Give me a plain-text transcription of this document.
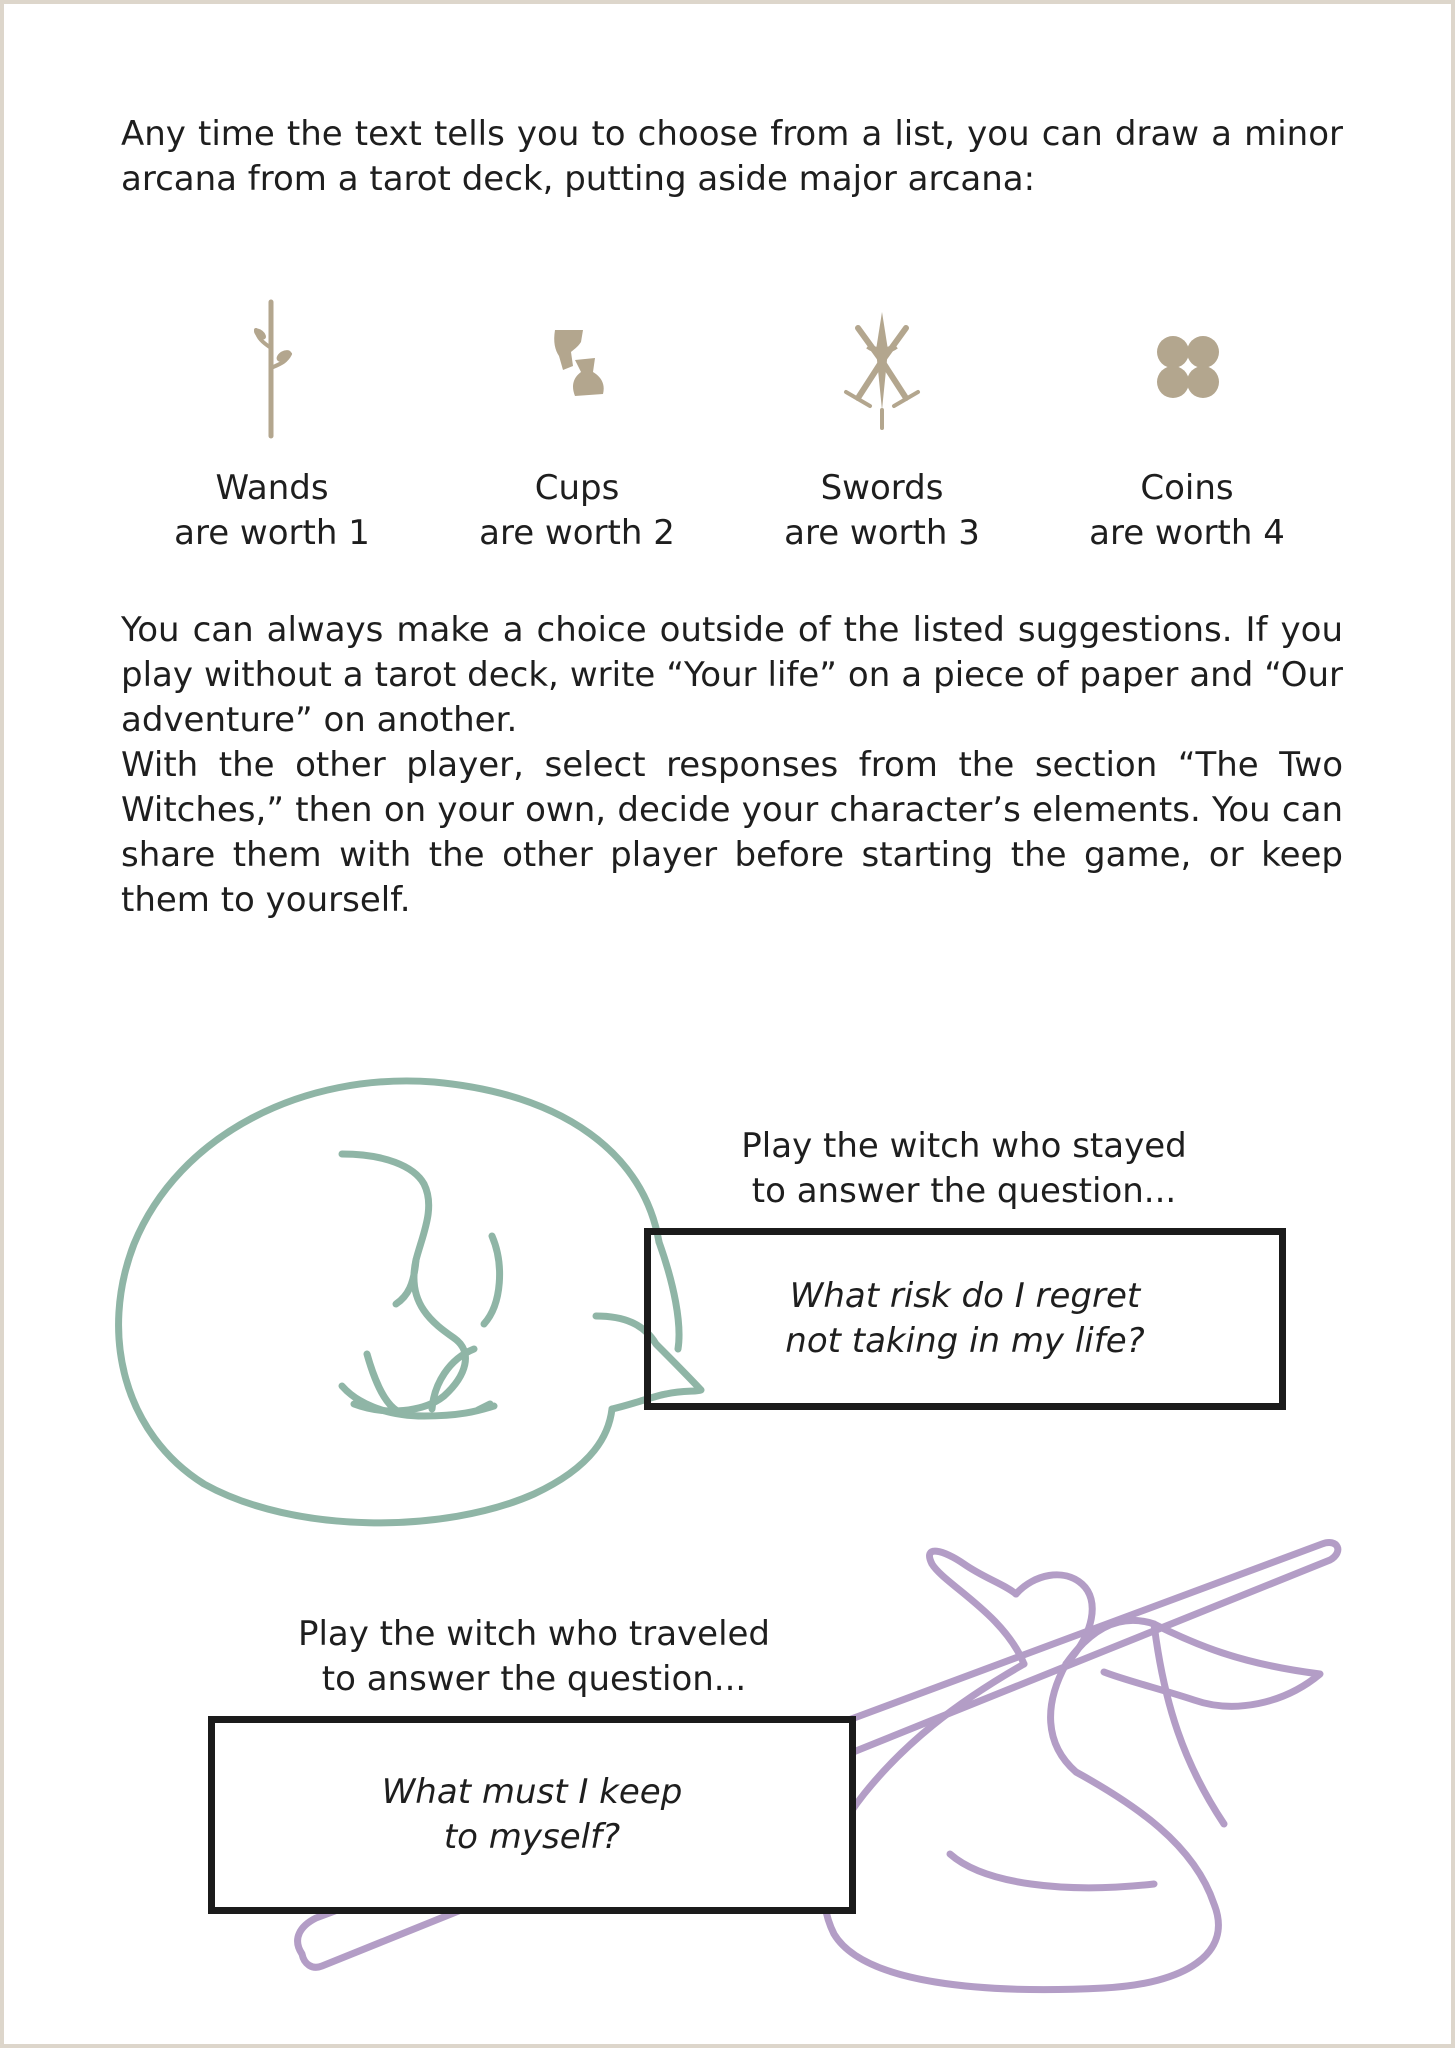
Any time the text tells you to choose from a list, you can draw a minor arcana from a tarot deck, putting aside major arcana:

Wands
are worth 1
Cups
are worth 2
Swords
are worth 3
Coins
are worth 4

You can always make a choice outside of the listed suggestions. If you play without a tarot deck, write “Your life” on a piece of paper and “Our adventure” on another.

With the other player, select responses from the section “The Two Witches,” then on your own, decide your character’s elements. You can share them with the other player before starting the game, or keep them to yourself.

Play the witch who stayed
to answer the question...
What risk do I regret
not taking in my life?
Play the witch who traveled
to answer the question...
What must I keep
to myself?
